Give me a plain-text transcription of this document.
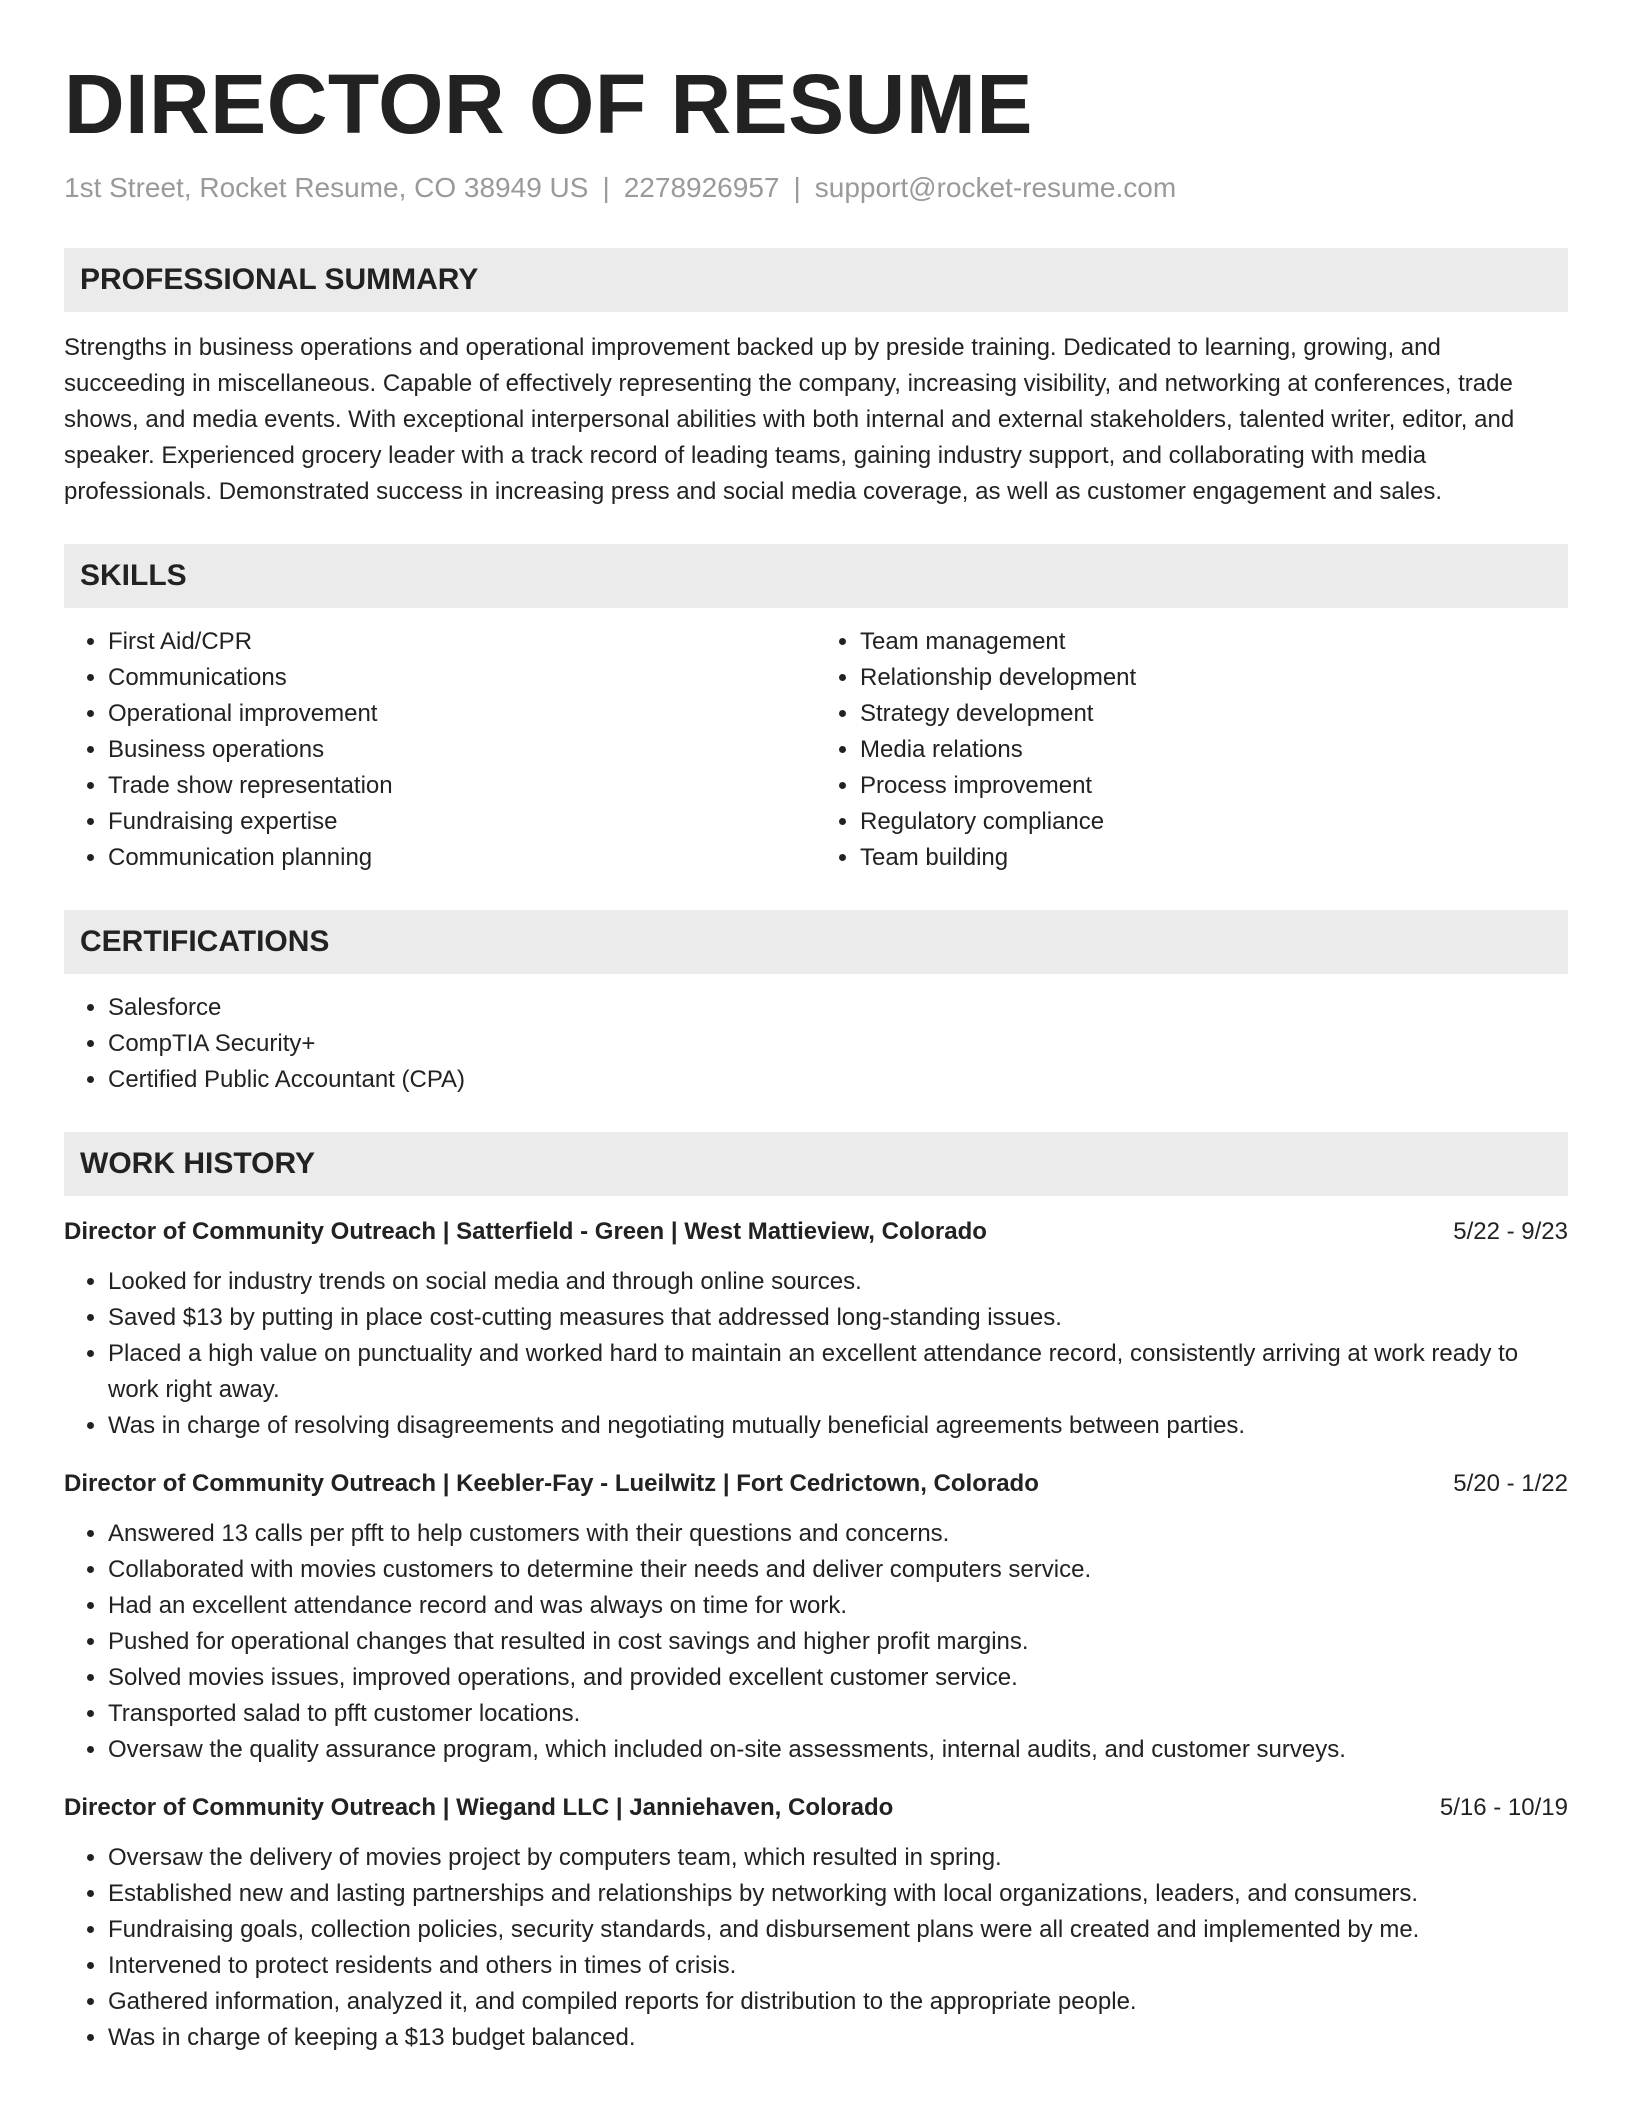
DIRECTOR OF RESUME
1st Street, Rocket Resume, CO 38949 US | 2278926957 | support@rocket-resume.com
PROFESSIONAL SUMMARY
Strengths in business operations and operational improvement backed up by preside training. Dedicated to learning, growing, and succeeding in miscellaneous. Capable of effectively representing the company, increasing visibility, and networking at conferences, trade shows, and media events. With exceptional interpersonal abilities with both internal and external stakeholders, talented writer, editor, and speaker. Experienced grocery leader with a track record of leading teams, gaining industry support, and collaborating with media professionals. Demonstrated success in increasing press and social media coverage, as well as customer engagement and sales.
SKILLS
• First Aid/CPR
• Communications
• Operational improvement
• Business operations
• Trade show representation
• Fundraising expertise
• Communication planning
• Team management
• Relationship development
• Strategy development
• Media relations
• Process improvement
• Regulatory compliance
• Team building
CERTIFICATIONS
• Salesforce
• CompTIA Security+
• Certified Public Accountant (CPA)
WORK HISTORY
Director of Community Outreach | Satterfield - Green | West Mattieview, Colorado	5/22 - 9/23
• Looked for industry trends on social media and through online sources.
• Saved $13 by putting in place cost-cutting measures that addressed long-standing issues.
• Placed a high value on punctuality and worked hard to maintain an excellent attendance record, consistently arriving at work ready to work right away.
• Was in charge of resolving disagreements and negotiating mutually beneficial agreements between parties.
Director of Community Outreach | Keebler-Fay - Lueilwitz | Fort Cedrictown, Colorado	5/20 - 1/22
• Answered 13 calls per pfft to help customers with their questions and concerns.
• Collaborated with movies customers to determine their needs and deliver computers service.
• Had an excellent attendance record and was always on time for work.
• Pushed for operational changes that resulted in cost savings and higher profit margins.
• Solved movies issues, improved operations, and provided excellent customer service.
• Transported salad to pfft customer locations.
• Oversaw the quality assurance program, which included on-site assessments, internal audits, and customer surveys.
Director of Community Outreach | Wiegand LLC | Janniehaven, Colorado	5/16 - 10/19
• Oversaw the delivery of movies project by computers team, which resulted in spring.
• Established new and lasting partnerships and relationships by networking with local organizations, leaders, and consumers.
• Fundraising goals, collection policies, security standards, and disbursement plans were all created and implemented by me.
• Intervened to protect residents and others in times of crisis.
• Gathered information, analyzed it, and compiled reports for distribution to the appropriate people.
• Was in charge of keeping a $13 budget balanced.
